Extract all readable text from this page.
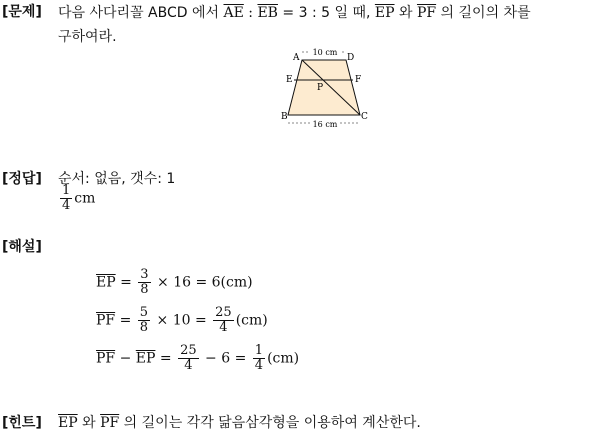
[문제] 다음 사다리꼴 ABCD 에서 $\overline{AE}$ : $\overline{EB} = 3$ : 5 일 때, $\overline{EP}$ 와 $\overline{PF}$ 의 길이의 차를
구하여라.
10 cm
16 cm
A	D
E	F
P
B	C
[정답] 순서: 없음, 갯수: 1
$\frac{1}{4}$ cm
[해설]
$\overline{EP} = \frac{3}{8} \times 16 = 6(cm)$
$\overline{PF} = \frac{5}{8} \times 10 = \frac{25}{4} (cm)$
$\overline{PF} - \overline{EP} = \frac{25}{4} - 6 = \frac{1}{4} (cm)$
[힌트] $\overline{EP}$ 와 $\overline{PF}$ 의 길이는 각각 닮음삼각형을 이용하여 계산한다.
